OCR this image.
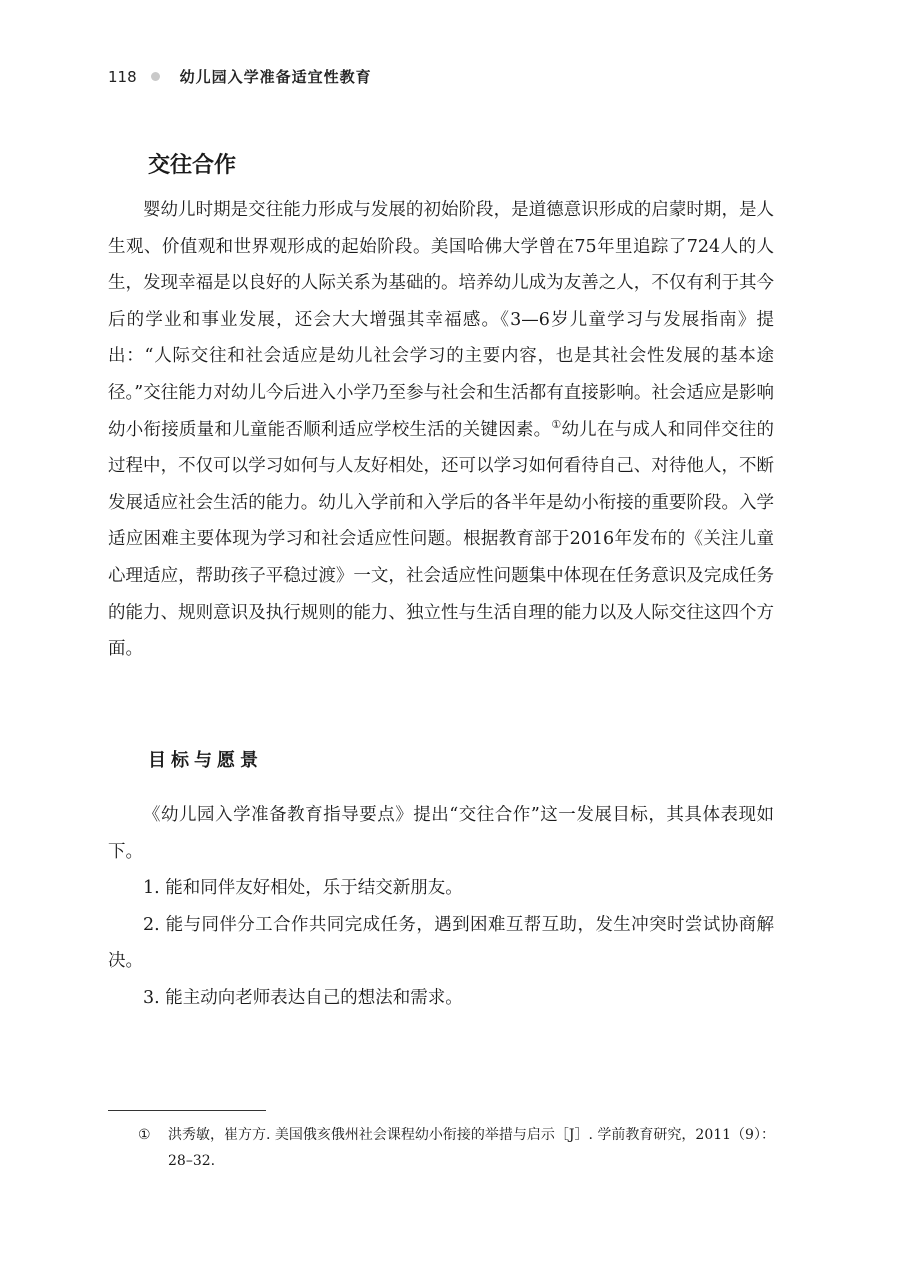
118	幼儿园入学准备适宜性教育
交往合作

婴幼儿时期是交往能力形成与发展的初始阶段，是道德意识形成的启蒙时期，是人生观、价值观和世界观形成的起始阶段。美国哈佛大学曾在75年里追踪了724人的人生，发现幸福是以良好的人际关系为基础的。培养幼儿成为友善之人，不仅有利于其今后的学业和事业发展，还会大大增强其幸福感。《3—6岁儿童学习与发展指南》提出：“人际交往和社会适应是幼儿社会学习的主要内容，也是其社会性发展的基本途径。”交往能力对幼儿今后进入小学乃至参与社会和生活都有直接影响。社会适应是影响幼小衔接质量和儿童能否顺利适应学校生活的关键因素。①幼儿在与成人和同伴交往的过程中，不仅可以学习如何与人友好相处，还可以学习如何看待自己、对待他人，不断发展适应社会生活的能力。幼儿入学前和入学后的各半年是幼小衔接的重要阶段。入学适应困难主要体现为学习和社会适应性问题。根据教育部于2016年发布的《关注儿童心理适应，帮助孩子平稳过渡》一文，社会适应性问题集中体现在任务意识及完成任务的能力、规则意识及执行规则的能力、独立性与生活自理的能力以及人际交往这四个方面。

目标与愿景

《幼儿园入学准备教育指导要点》提出“交往合作”这一发展目标，其具体表现如下。

1. 能和同伴友好相处，乐于结交新朋友。
2. 能与同伴分工合作共同完成任务，遇到困难互帮互助，发生冲突时尝试协商解决。
3. 能主动向老师表达自己的想法和需求。
①	洪秀敏，崔方方. 美国俄亥俄州社会课程幼小衔接的举措与启示［J］. 学前教育研究，2011（9）：28–32.
